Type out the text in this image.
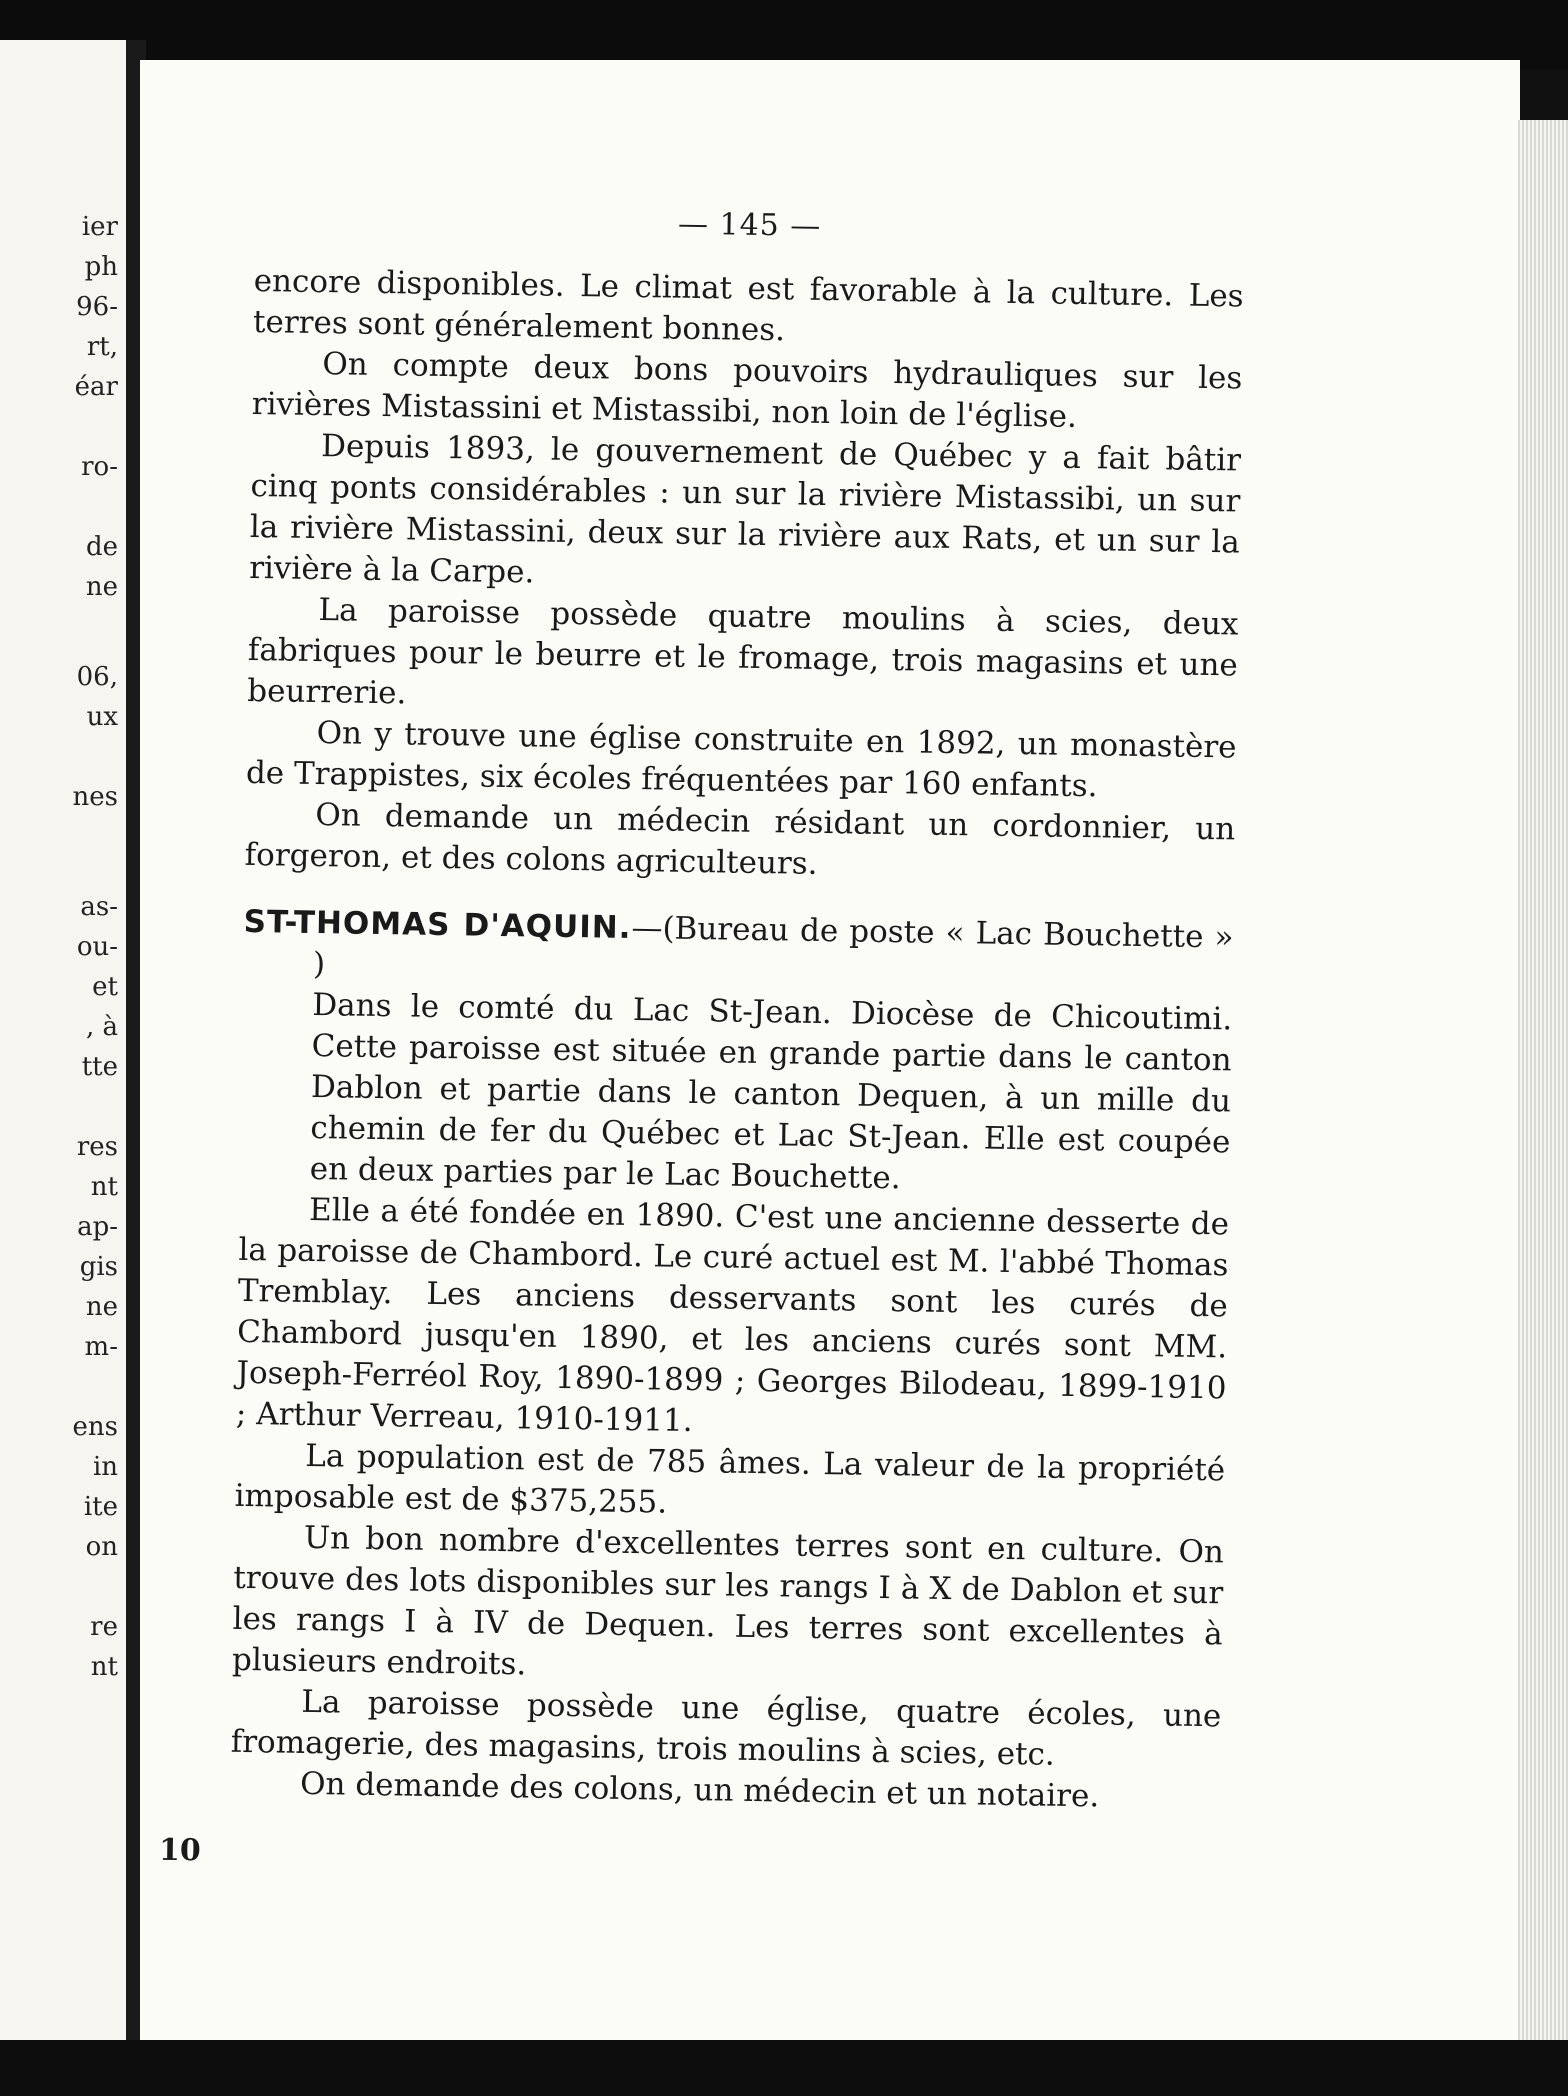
ier
ph
96-
rt,
éar
ro-
de
ne
06,
ux
nes
as-
ou-
et
, à
tte
res
nt
ap-
gis
ne
m-
ens
in
ite
on
re
nt
— 145 —

encore disponibles. Le climat est favorable à la culture. Les terres sont généralement bonnes.

On compte deux bons pouvoirs hydrauliques sur les rivières Mistassini et Mistassibi, non loin de l'église.

Depuis 1893, le gouvernement de Québec y a fait bâtir cinq ponts considérables : un sur la rivière Mistassibi, un sur la rivière Mistassini, deux sur la rivière aux Rats, et un sur la rivière à la Carpe.

La paroisse possède quatre moulins à scies, deux fabriques pour le beurre et le fromage, trois magasins et une beurrerie.

On y trouve une église construite en 1892, un monastère de Trappistes, six écoles fréquentées par 160 enfants.

On demande un médecin résidant un cordonnier, un forgeron, et des colons agriculteurs.

ST-THOMAS D'AQUIN.—(Bureau de poste « Lac Bouchette » )

Dans le comté du Lac St-Jean. Diocèse de Chicoutimi. Cette paroisse est située en grande partie dans le canton Dablon et partie dans le canton Dequen, à un mille du chemin de fer du Québec et Lac St-Jean. Elle est coupée en deux parties par le Lac Bouchette.

Elle a été fondée en 1890. C'est une ancienne desserte de la paroisse de Chambord. Le curé actuel est M. l'abbé Thomas Tremblay. Les anciens desservants sont les curés de Chambord jusqu'en 1890, et les anciens curés sont MM. Joseph-Ferréol Roy, 1890-1899 ; Georges Bilodeau, 1899-1910 ; Arthur Verreau, 1910-1911.

La population est de 785 âmes. La valeur de la propriété imposable est de $375,255.

Un bon nombre d'excellentes terres sont en culture. On trouve des lots disponibles sur les rangs I à X de Dablon et sur les rangs I à IV de Dequen. Les terres sont excellentes à plusieurs endroits.

La paroisse possède une église, quatre écoles, une fromagerie, des magasins, trois moulins à scies, etc.

On demande des colons, un médecin et un notaire.

10
